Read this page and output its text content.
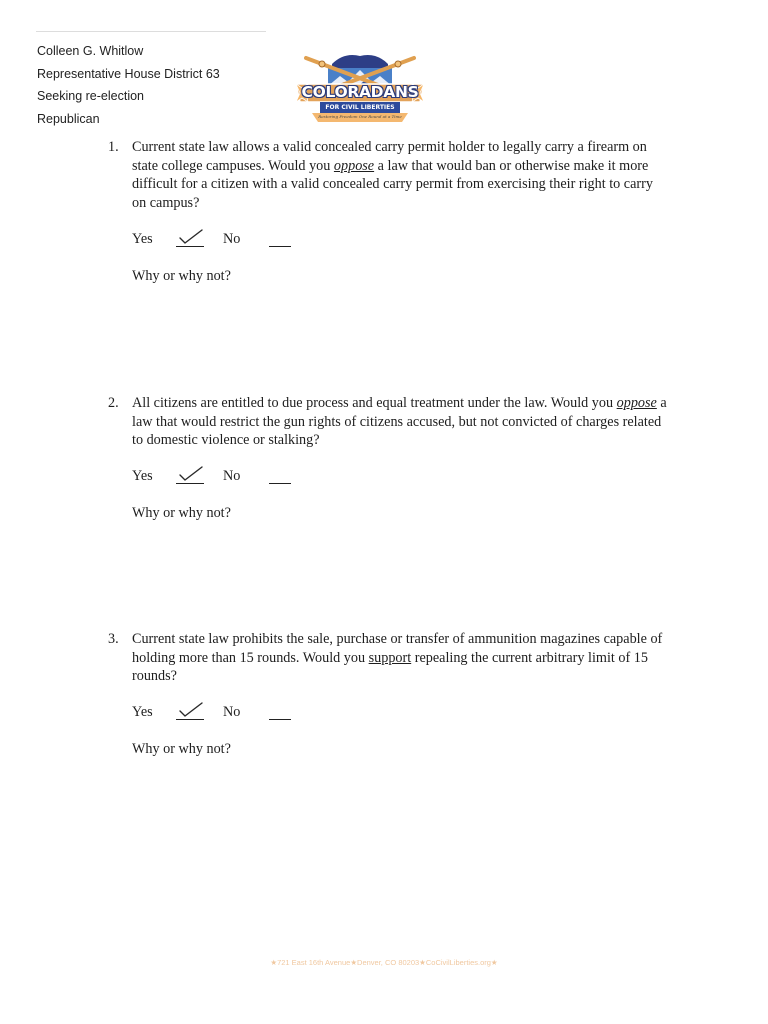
Colleen G. Whitlow
Representative House District 63
Seeking re-election
Republican
COLORADANS
FOR CIVIL LIBERTIES
Restoring Freedom One Round at a Time
1. Current state law allows a valid concealed carry permit holder to legally carry a firearm on state college campuses. Would you oppose a law that would ban or otherwise make it more difficult for a citizen with a valid concealed carry permit from exercising their right to carry on campus?
Yes	No
Why or why not?
2. All citizens are entitled to due process and equal treatment under the law. Would you oppose a law that would restrict the gun rights of citizens accused, but not convicted of charges related to domestic violence or stalking?
Yes	No
Why or why not?
3. Current state law prohibits the sale, purchase or transfer of ammunition magazines capable of holding more than 15 rounds. Would you support repealing the current arbitrary limit of 15 rounds?
Yes	No
Why or why not?
★721 East 16th Avenue★Denver, CO 80203★CoCivilLiberties.org★
